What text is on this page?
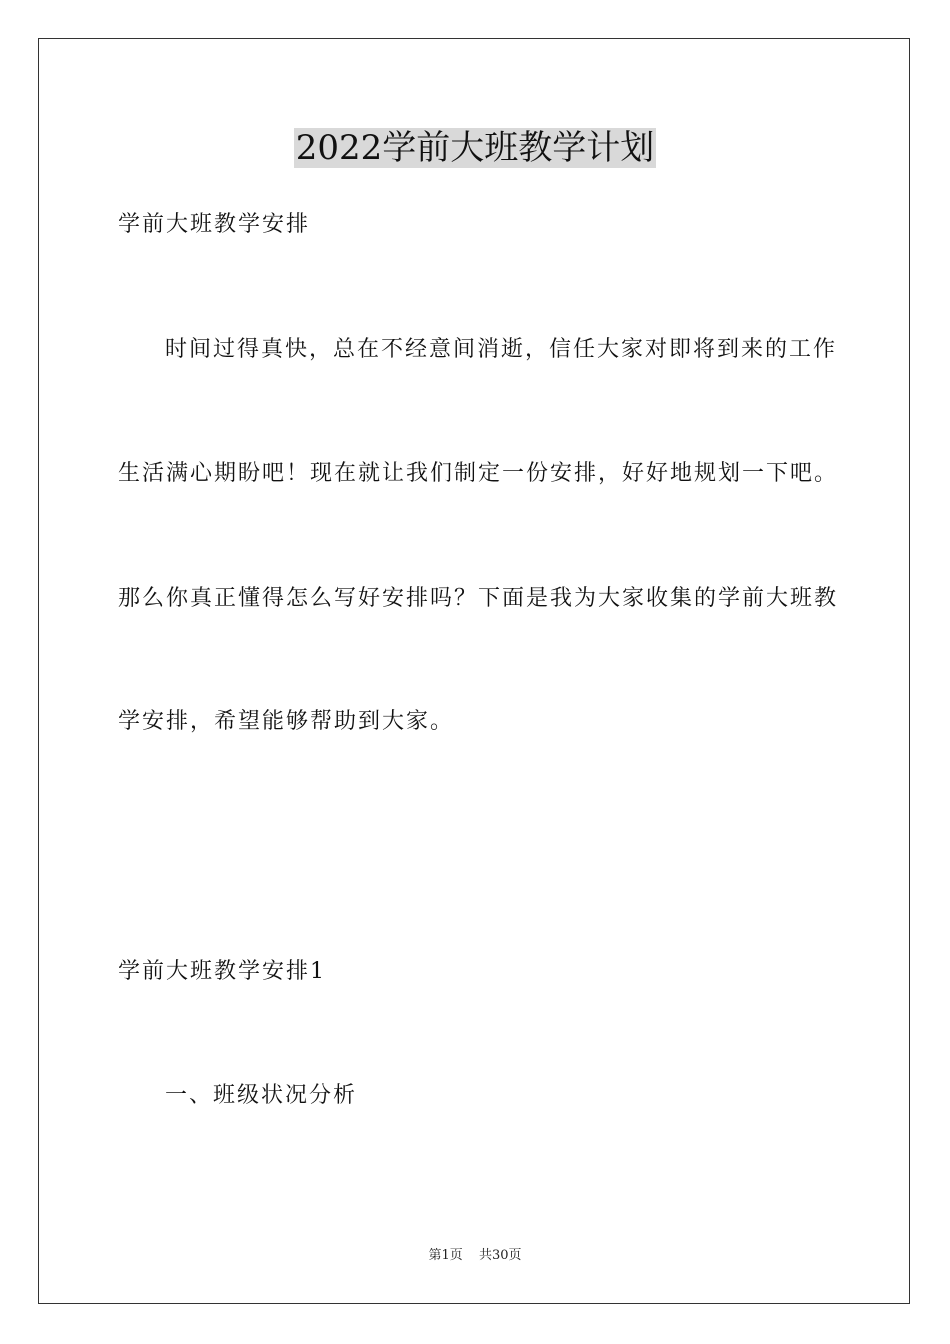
2022学前大班教学计划
学前大班教学安排
时间过得真快，总在不经意间消逝，信任大家对即将到来的工作
生活满心期盼吧！现在就让我们制定一份安排，好好地规划一下吧。
那么你真正懂得怎么写好安排吗？下面是我为大家收集的学前大班教
学安排，希望能够帮助到大家。
学前大班教学安排1
一、班级状况分析
第1页 共30页
